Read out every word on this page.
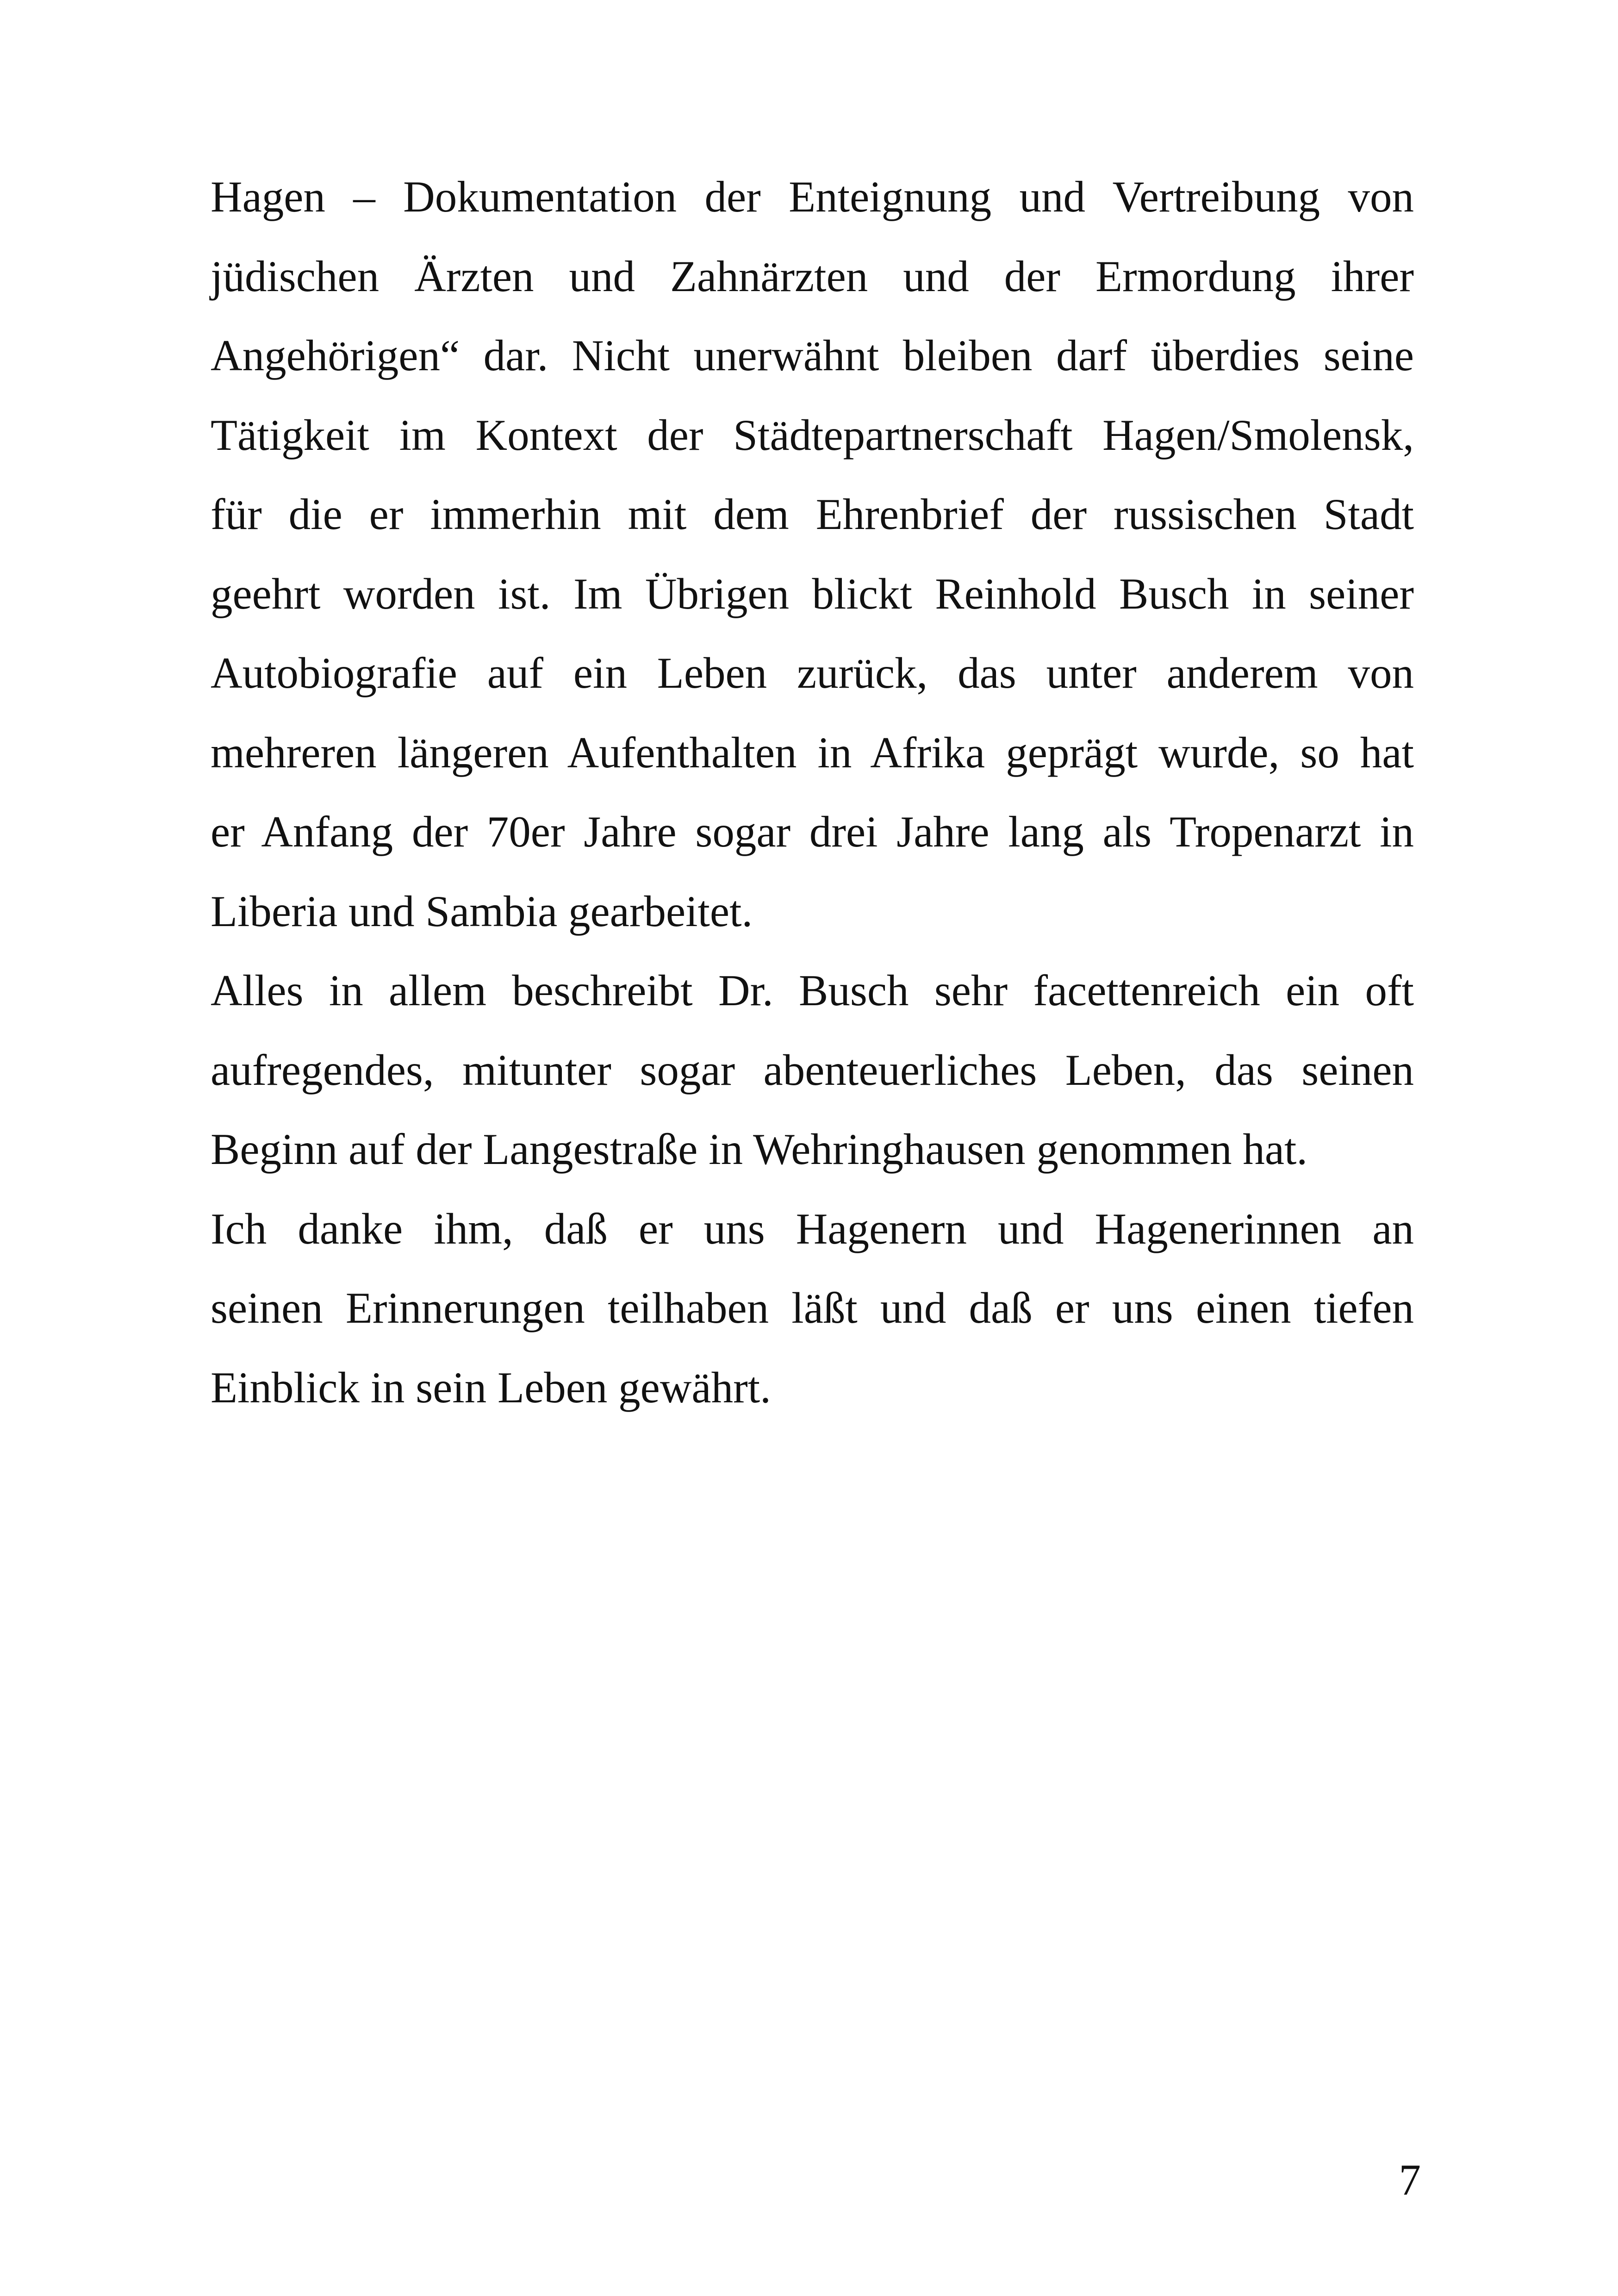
Hagen – Dokumentation der Enteignung und Vertreibung von
jüdischen Ärzten und Zahnärzten und der Ermordung ihrer
Angehörigen“ dar. Nicht unerwähnt bleiben darf überdies seine
Tätigkeit im Kontext der Städtepartnerschaft Hagen/Smolensk,
für die er immerhin mit dem Ehrenbrief der russischen Stadt
geehrt worden ist. Im Übrigen blickt Reinhold Busch in seiner
Autobiografie auf ein Leben zurück, das unter anderem von
mehreren längeren Aufenthalten in Afrika geprägt wurde, so hat
er Anfang der 70er Jahre sogar drei Jahre lang als Tropenarzt in
Liberia und Sambia gearbeitet.
Alles in allem beschreibt Dr. Busch sehr facettenreich ein oft
aufregendes, mitunter sogar abenteuerliches Leben, das seinen
Beginn auf der Langestraße in Wehringhausen genommen hat.
Ich danke ihm, daß er uns Hagenern und Hagenerinnen an
seinen Erinnerungen teilhaben läßt und daß er uns einen tiefen
Einblick in sein Leben gewährt.
7
